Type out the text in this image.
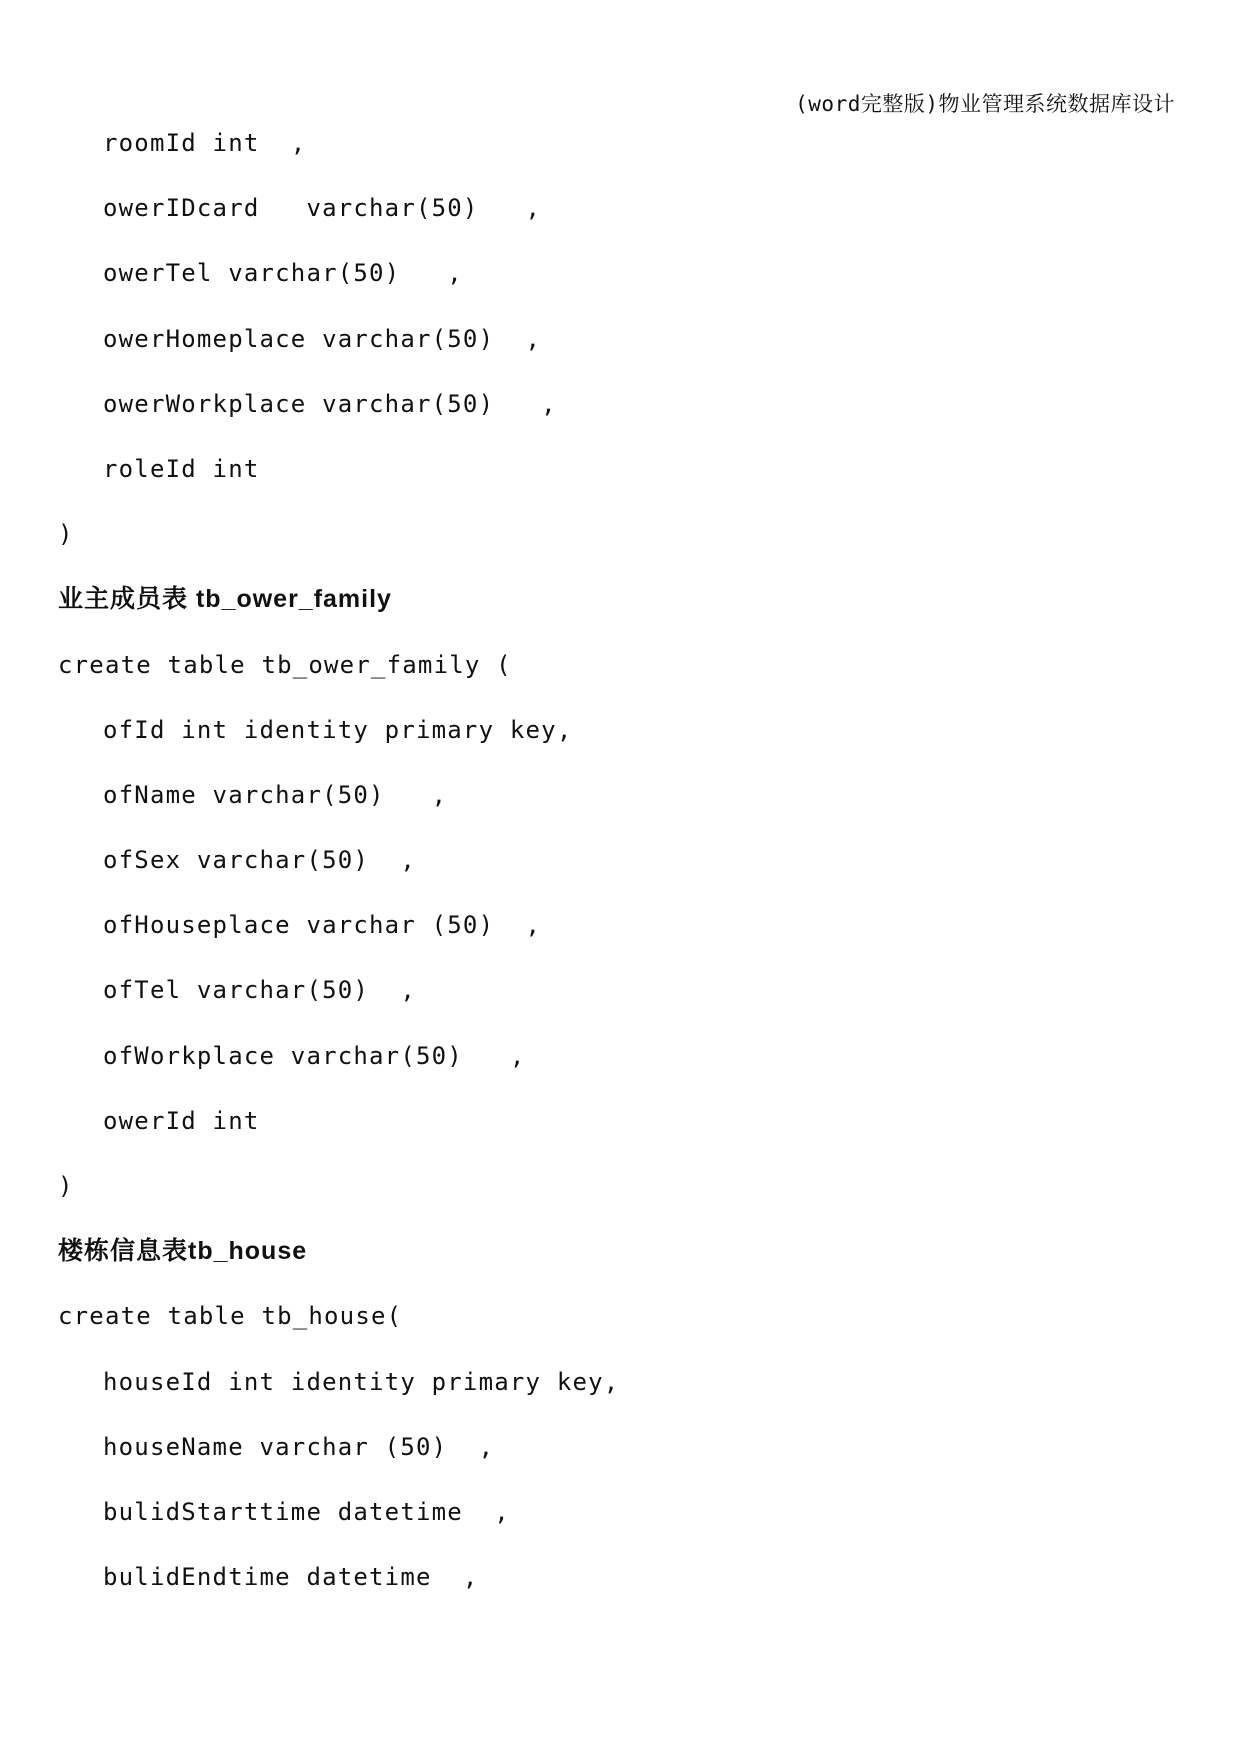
(word完整版)物业管理系统数据库设计
roomId int  ,
owerIDcard   varchar(50)   ,
owerTel varchar(50)   ,
owerHomeplace varchar(50)  ,
owerWorkplace varchar(50)   ,
roleId int
)
业主成员表 tb_ower_family
create table tb_ower_family (
ofId int identity primary key,
ofName varchar(50)   ,
ofSex varchar(50)  ,
ofHouseplace varchar (50)  ,
ofTel varchar(50)  ,
ofWorkplace varchar(50)   ,
owerId int
)
楼栋信息表tb_house
create table tb_house(
houseId int identity primary key,
houseName varchar (50)  ,
bulidStarttime datetime  ,
bulidEndtime datetime  ,
